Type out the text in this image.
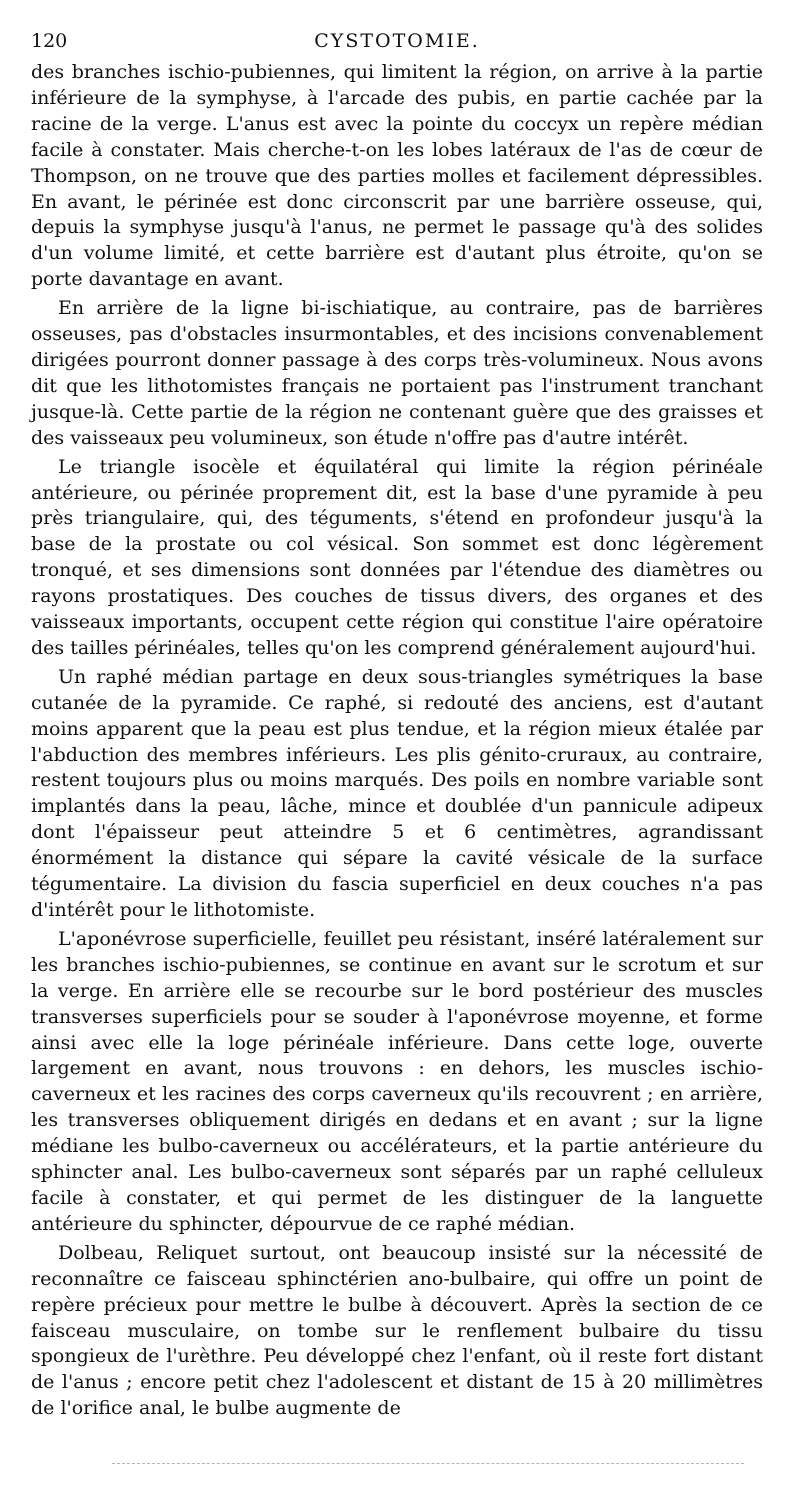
120	CYSTOTOMIE.

des branches ischio-pubiennes, qui limitent la région, on arrive à la partie inférieure de la symphyse, à l'arcade des pubis, en partie cachée par la racine de la verge. L'anus est avec la pointe du coccyx un repère médian facile à constater. Mais cherche-t-on les lobes latéraux de l'as de cœur de Thompson, on ne trouve que des parties molles et facilement dépressibles. En avant, le périnée est donc circonscrit par une barrière osseuse, qui, depuis la symphyse jusqu'à l'anus, ne permet le passage qu'à des solides d'un volume limité, et cette barrière est d'autant plus étroite, qu'on se porte davantage en avant.

En arrière de la ligne bi-ischiatique, au contraire, pas de barrières osseuses, pas d'obstacles insurmontables, et des incisions convenablement dirigées pourront donner passage à des corps très-volumineux. Nous avons dit que les lithotomistes français ne portaient pas l'instrument tranchant jusque-là. Cette partie de la région ne contenant guère que des graisses et des vaisseaux peu volumineux, son étude n'offre pas d'autre intérêt.

Le triangle isocèle et équilatéral qui limite la région périnéale antérieure, ou périnée proprement dit, est la base d'une pyramide à peu près triangulaire, qui, des téguments, s'étend en profondeur jusqu'à la base de la prostate ou col vésical. Son sommet est donc légèrement tronqué, et ses dimensions sont données par l'étendue des diamètres ou rayons prostatiques. Des couches de tissus divers, des organes et des vaisseaux importants, occupent cette région qui constitue l'aire opératoire des tailles périnéales, telles qu'on les comprend généralement aujourd'hui.

Un raphé médian partage en deux sous-triangles symétriques la base cutanée de la pyramide. Ce raphé, si redouté des anciens, est d'autant moins apparent que la peau est plus tendue, et la région mieux étalée par l'abduction des membres inférieurs. Les plis génito-cruraux, au contraire, restent toujours plus ou moins marqués. Des poils en nombre variable sont implantés dans la peau, lâche, mince et doublée d'un pannicule adipeux dont l'épaisseur peut atteindre 5 et 6 centimètres, agrandissant énormément la distance qui sépare la cavité vésicale de la surface tégumentaire. La division du fascia superficiel en deux couches n'a pas d'intérêt pour le lithotomiste.

L'aponévrose superficielle, feuillet peu résistant, inséré latéralement sur les branches ischio-pubiennes, se continue en avant sur le scrotum et sur la verge. En arrière elle se recourbe sur le bord postérieur des muscles transverses superficiels pour se souder à l'aponévrose moyenne, et forme ainsi avec elle la loge périnéale inférieure. Dans cette loge, ouverte largement en avant, nous trouvons : en dehors, les muscles ischio-caverneux et les racines des corps caverneux qu'ils recouvrent ; en arrière, les transverses obliquement dirigés en dedans et en avant ; sur la ligne médiane les bulbo-caverneux ou accélérateurs, et la partie antérieure du sphincter anal. Les bulbo-caverneux sont séparés par un raphé celluleux facile à constater, et qui permet de les distinguer de la languette antérieure du sphincter, dépourvue de ce raphé médian.

Dolbeau, Reliquet surtout, ont beaucoup insisté sur la nécessité de reconnaître ce faisceau sphinctérien ano-bulbaire, qui offre un point de repère précieux pour mettre le bulbe à découvert. Après la section de ce faisceau musculaire, on tombe sur le renflement bulbaire du tissu spongieux de l'urèthre. Peu développé chez l'enfant, où il reste fort distant de l'anus ; encore petit chez l'adolescent et distant de 15 à 20 millimètres de l'orifice anal, le bulbe augmente de
